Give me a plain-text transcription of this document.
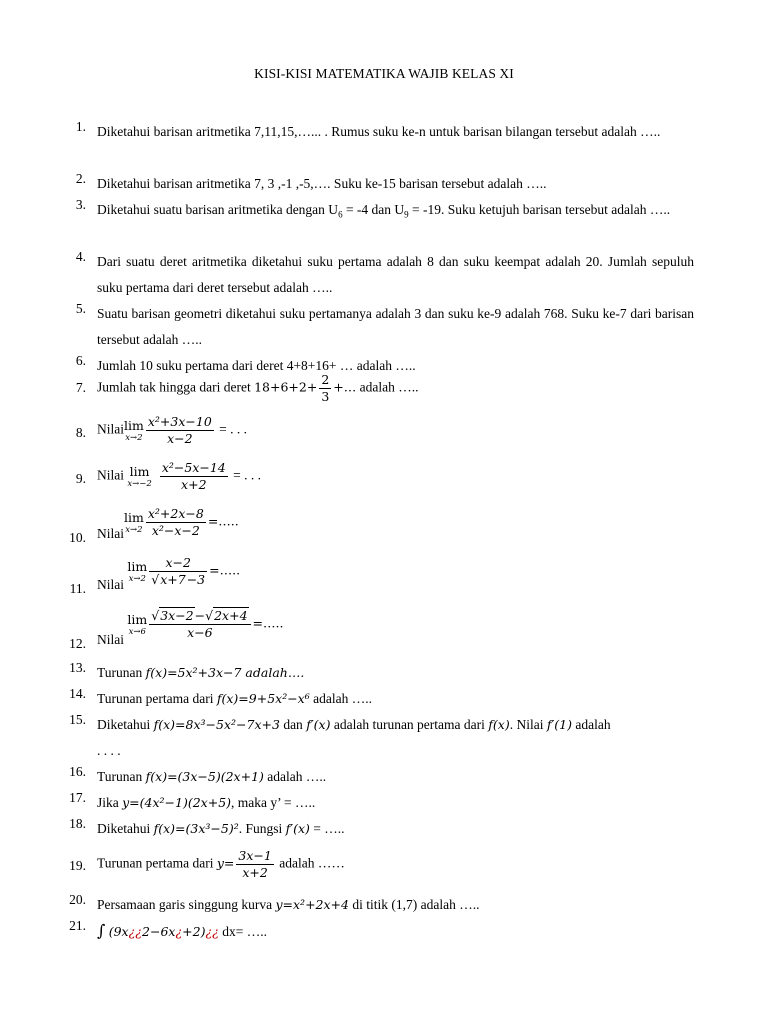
KISI-KISI MATEMATIKA WAJIB KELAS XI
1. Diketahui barisan aritmetika 7,11,15,…... . Rumus suku ke-n untuk barisan bilangan tersebut adalah …..
2. Diketahui barisan aritmetika 7, 3 ,-1 ,-5,…. Suku ke-15 barisan tersebut adalah …..
3. Diketahui suatu barisan aritmetika dengan $U_6 = -4$ dan $U_9 = -19$. Suku ketujuh barisan tersebut adalah …..
4. Dari suatu deret aritmetika diketahui suku pertama adalah 8 dan suku keempat adalah 20. Jumlah sepuluh suku pertama dari deret tersebut adalah …..
5. Suatu barisan geometri diketahui suku pertamanya adalah 3 dan suku ke-9 adalah 768. Suku ke-7 dari barisan tersebut adalah …..
6. Jumlah 10 suku pertama dari deret 4+8+16+ … adalah …..
7. Jumlah tak hingga dari deret $18+6+2+ \frac{2}{3}$ +… adalah …..
8. Nilai lim
$x\to 2 \frac{\text{x²+3x−10}}{x-2}$ = . . .
9. Nilai lim
$x\to-2 \frac{\text{x²−5x−14}}{x+2}$ = . . .
10. Nilai
lim
$x\to 2 \frac{\text{x²+2x−8}}{\text{x²−x−2}}$ =…..
11. Nilai
lim
$x\to 2 \frac{x-2}{√x+7-3}$ =…..
12. Nilai
lim
$x\to 6 \frac{√3x-2-√2x+4}{x-6}$ =…..
13. Turunan f(x)=5x²+3x−7 adalah….
14. Turunan pertama dari f(x)=9+5x²−x⁶ adalah …..
15. Diketahui f(x)=8x³−5x²−7x+3 dan f′(x) adalah turunan pertama dari f(x). Nilai f′(1) adalah
. . . .
16. Turunan f(x)=(3x−5)(2x+1) adalah …..
17. Jika y=(4x²−1)(2x+5), maka y’ = …..
18. Diketahui f(x)=(3x³−5)². Fungsi f′(x) = …..
19. Turunan pertama dari $y= \frac{3x-1}{x+2}$ adalah ……
20. Persamaan garis singgung kurva y=x²+2x+4 di titik (1,7) adalah …..
21. ∫ (9x¿¿2−6x¿+2)¿¿ dx= …..
